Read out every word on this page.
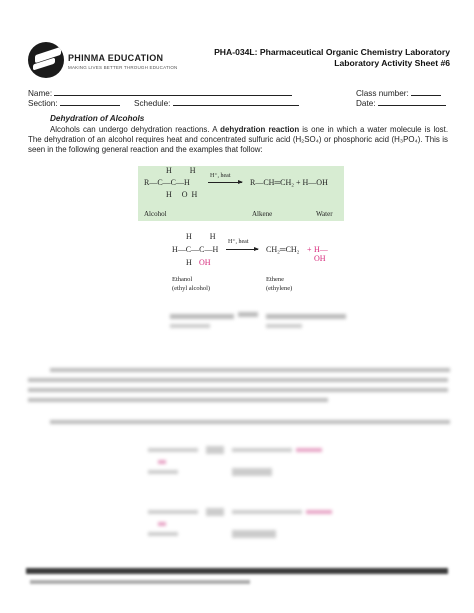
PHINMA EDUCATION
MAKING LIVES BETTER THROUGH EDUCATION
PHA-034L: Pharmaceutical Organic Chemistry Laboratory
Laboratory Activity Sheet #6
Name:	Class number:
Section:	Schedule:	Date:
Dehydration of Alcohols
Alcohols can undergo dehydration reactions. A dehydration reaction is one in which a water molecule is lost. The dehydration of an alcohol requires heat and concentrated sulfuric acid (H₂SO₄) or phosphoric acid (H₃PO₄). This is seen in the following general reaction and the examples that follow:
H H
R—C—C—H
H OH
H⁺, heat
R—CH═CH₂ + H—OH
Alcohol	Alkene	Water
H H
H—C—C—H
H OH
H⁺, heat
CH₂═CH₂ + H—OH
Ethanol
(ethyl alcohol)
Ethene
(ethylene)
